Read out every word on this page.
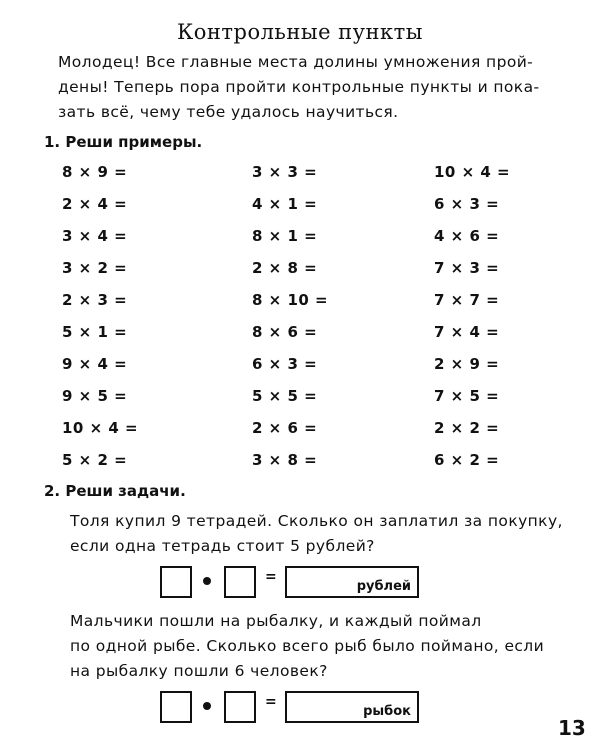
Контрольные пункты
Молодец! Все главные места долины умножения прой-
дены! Теперь пора пройти контрольные пункты и пока-
зать всё, чему тебе удалось научиться.
1. Реши примеры.
8 × 9 =
2 × 4 =
3 × 4 =
3 × 2 =
2 × 3 =
5 × 1 =
9 × 4 =
9 × 5 =
10 × 4 =
5 × 2 =
3 × 3 =
4 × 1 =
8 × 1 =
2 × 8 =
8 × 10 =
8 × 6 =
6 × 3 =
5 × 5 =
2 × 6 =
3 × 8 =
10 × 4 =
6 × 3 =
4 × 6 =
7 × 3 =
7 × 7 =
7 × 4 =
2 × 9 =
7 × 5 =
2 × 2 =
6 × 2 =
2. Реши задачи.
Толя купил 9 тетрадей. Сколько он заплатил за покупку,
если одна тетрадь стоит 5 рублей?
=
рублей
Мальчики пошли на рыбалку, и каждый поймал
по одной рыбе. Сколько всего рыб было поймано, если
на рыбалку пошли 6 человек?
=
рыбок
13
